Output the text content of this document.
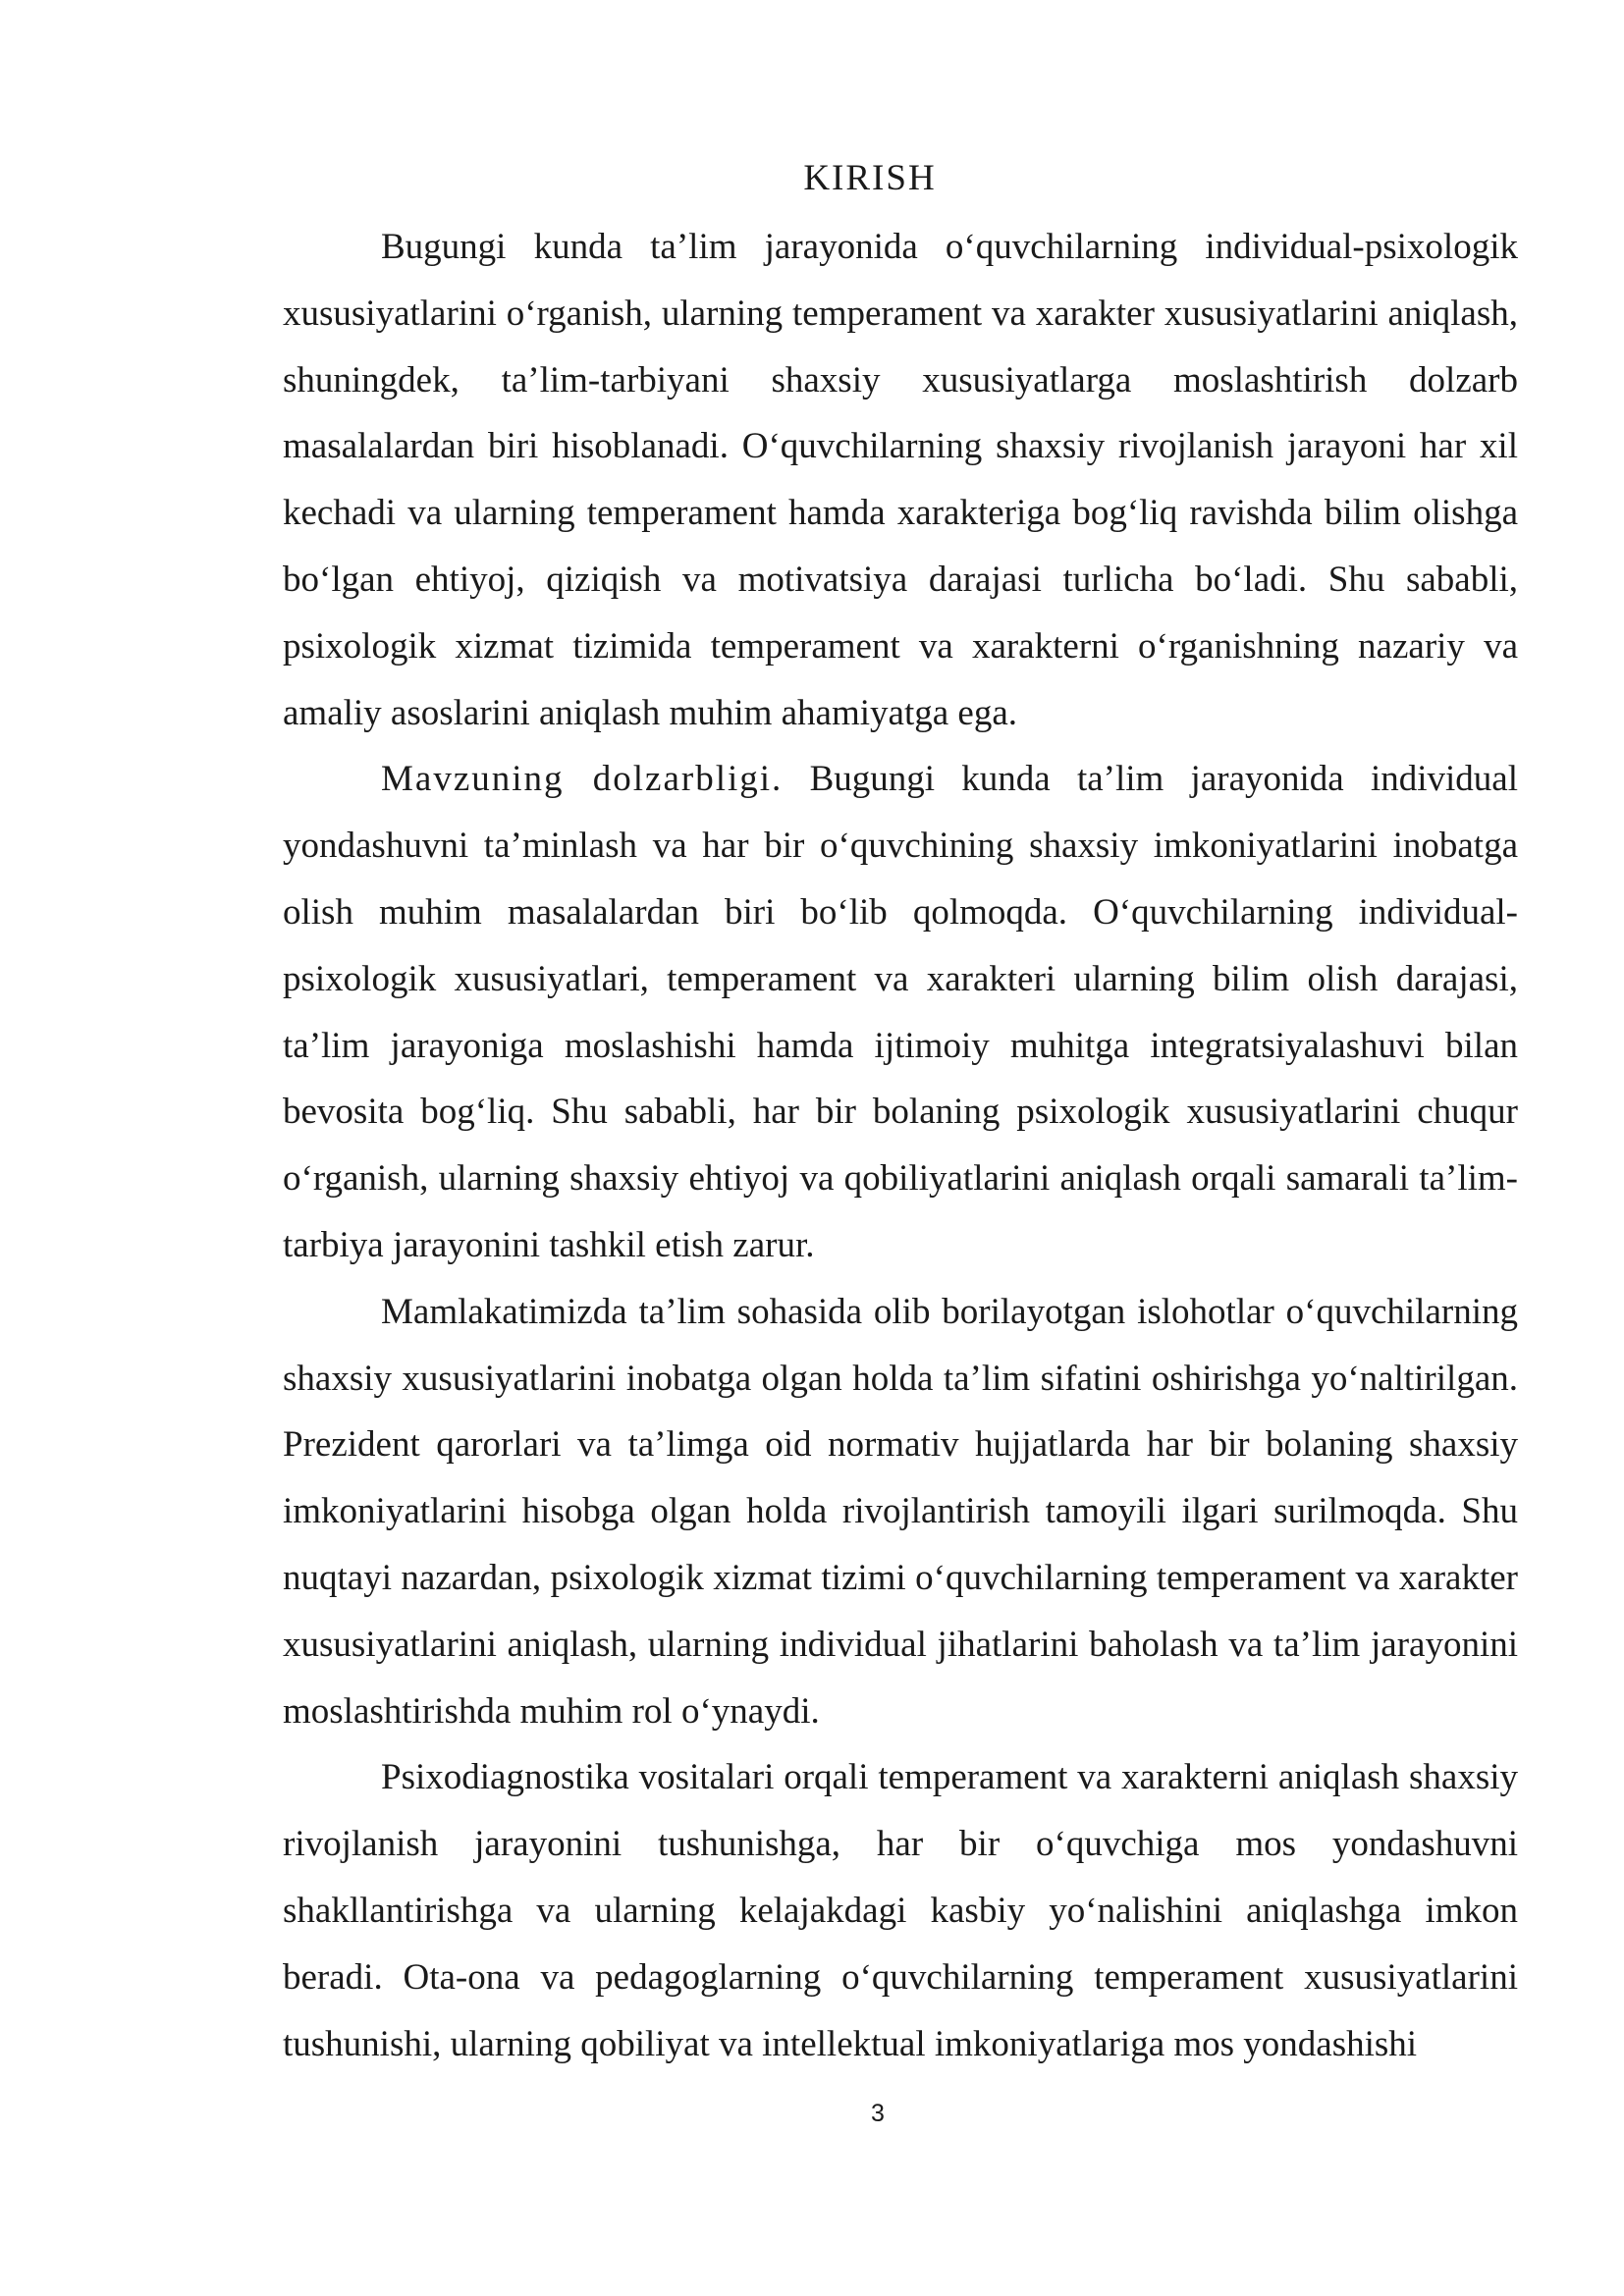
KIRISH

Bugungi kunda ta’lim jarayonida o‘quvchilarning individual-psixologik xususiyatlarini o‘rganish, ularning temperament va xarakter xususiyatlarini aniqlash, shuningdek, ta’lim-tarbiyani shaxsiy xususiyatlarga moslashtirish dolzarb masalalardan biri hisoblanadi. O‘quvchilarning shaxsiy rivojlanish jarayoni har xil kechadi va ularning temperament hamda xarakteriga bog‘liq ravishda bilim olishga bo‘lgan ehtiyoj, qiziqish va motivatsiya darajasi turlicha bo‘ladi. Shu sababli, psixologik xizmat tizimida temperament va xarakterni o‘rganishning nazariy va amaliy asoslarini aniqlash muhim ahamiyatga ega.

Mavzuning dolzarbligi. Bugungi kunda ta’lim jarayonida individual yondashuvni ta’minlash va har bir o‘quvchining shaxsiy imkoniyatlarini inobatga olish muhim masalalardan biri bo‘lib qolmoqda. O‘quvchilarning individual-psixologik xususiyatlari, temperament va xarakteri ularning bilim olish darajasi, ta’lim jarayoniga moslashishi hamda ijtimoiy muhitga integratsiyalashuvi bilan bevosita bog‘liq. Shu sababli, har bir bolaning psixologik xususiyatlarini chuqur o‘rganish, ularning shaxsiy ehtiyoj va qobiliyatlarini aniqlash orqali samarali ta’lim-tarbiya jarayonini tashkil etish zarur.

Mamlakatimizda ta’lim sohasida olib borilayotgan islohotlar o‘quvchilarning shaxsiy xususiyatlarini inobatga olgan holda ta’lim sifatini oshirishga yo‘naltirilgan. Prezident qarorlari va ta’limga oid normativ hujjatlarda har bir bolaning shaxsiy imkoniyatlarini hisobga olgan holda rivojlantirish tamoyili ilgari surilmoqda. Shu nuqtayi nazardan, psixologik xizmat tizimi o‘quvchilarning temperament va xarakter xususiyatlarini aniqlash, ularning individual jihatlarini baholash va ta’lim jarayonini moslashtirishda muhim rol o‘ynaydi.

Psixodiagnostika vositalari orqali temperament va xarakterni aniqlash shaxsiy rivojlanish jarayonini tushunishga, har bir o‘quvchiga mos yondashuvni shakllantirishga va ularning kelajakdagi kasbiy yo‘nalishini aniqlashga imkon beradi. Ota-ona va pedagoglarning o‘quvchilarning temperament xususiyatlarini tushunishi, ularning qobiliyat va intellektual imkoniyatlariga mos yondashishi

3
